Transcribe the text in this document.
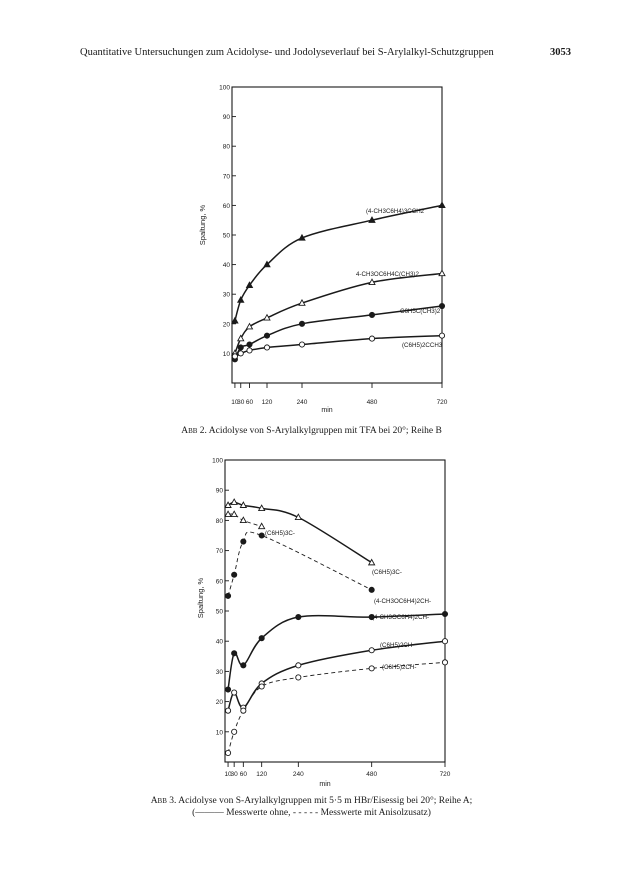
Quantitative Untersuchungen zum Acidolyse- und Jodolyseverlauf bei S-Arylalkyl-Schutzgruppen	3053
10
20
30
40
50
60
70
80
90
100
10
30 60 120	240	480	720
min
Spaltung, %	(4-CH3C6H4)3CCH2
4-CH3OC6H4C(CH3)2
C6H5C(CH3)2
(C6H5)2CCH3
10
20
30
40
50
60
70
80
90
100
10
30 60 120	240	480	720
min
Spaltung, %
(C6H5)3C-
(C6H5)3C-
(4-CH3OC6H4)2CH-
(4-CH3OC6H4)2CH-
(C6H5)2CH-
(C6H5)2CH-
Abb 2. Acidolyse von S-Arylalkylgruppen mit TFA bei 20°; Reihe B
Abb 3. Acidolyse von S-Arylalkylgruppen mit 5·5 m HBr/Eisessig bei 20°; Reihe A;
(——— Messwerte ohne, - - - - - Messwerte mit Anisolzusatz)
